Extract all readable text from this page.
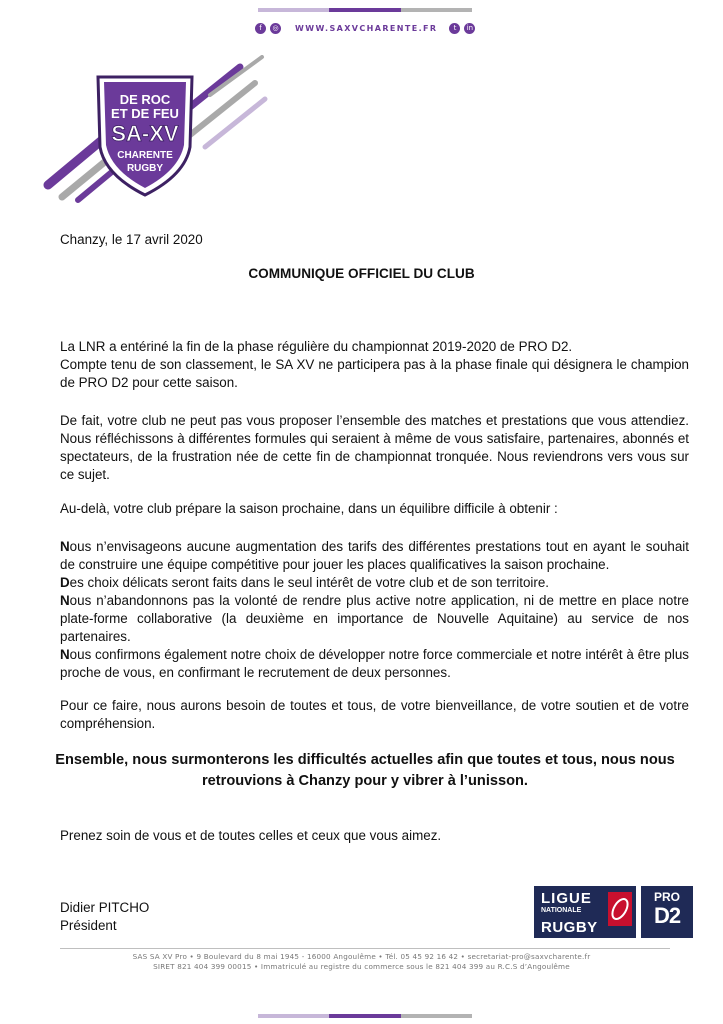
f	◎	WWW.SAXVCHARENTE.FR	t	in
DE ROC
ET DE FEU
SA-XV
CHARENTE
RUGBY
Chanzy, le 17 avril 2020
COMMUNIQUE OFFICIEL DU CLUB

La LNR a entériné la fin de la phase régulière du championnat 2019-2020 de PRO D2.

Compte tenu de son classement, le SA XV ne participera pas à la phase finale qui désignera le champion de PRO D2 pour cette saison.

De fait, votre club ne peut pas vous proposer l’ensemble des matches et prestations que vous attendiez. Nous réfléchissons à différentes formules qui seraient à même de vous satisfaire, partenaires, abonnés et spectateurs, de la frustration née de cette fin de championnat tronquée. Nous reviendrons vers vous sur ce sujet.

Au-delà, votre club prépare la saison prochaine, dans un équilibre difficile à obtenir :

Nous n’envisageons aucune augmentation des tarifs des différentes prestations tout en ayant le souhait de construire une équipe compétitive pour jouer les places qualificatives la saison prochaine.

Des choix délicats seront faits dans le seul intérêt de votre club et de son territoire.

Nous n’abandonnons pas la volonté de rendre plus active notre application, ni de mettre en place notre plate-forme collaborative (la deuxième en importance de Nouvelle Aquitaine) au service de nos partenaires.

Nous confirmons également notre choix de développer notre force commerciale et notre intérêt à être plus proche de vous, en confirmant le recrutement de deux personnes.

Pour ce faire, nous aurons besoin de toutes et tous, de votre bienveillance, de votre soutien et de votre compréhension.

Ensemble, nous surmonterons les difficultés actuelles afin que toutes et tous, nous nous retrouvions à Chanzy pour y vibrer à l’unisson.
Prenez soin de vous et de toutes celles et ceux que vous aimez.
Didier PITCHO
Président
LIGUE
NATIONALE
RUGBY
PRO
D2
SAS SA XV Pro • 9 Boulevard du 8 mai 1945 - 16000 Angoulême • Tél. 05 45 92 16 42 • secretariat-pro@saxvcharente.fr
SIRET 821 404 399 00015 • Immatriculé au registre du commerce sous le 821 404 399 au R.C.S d’Angoulême
